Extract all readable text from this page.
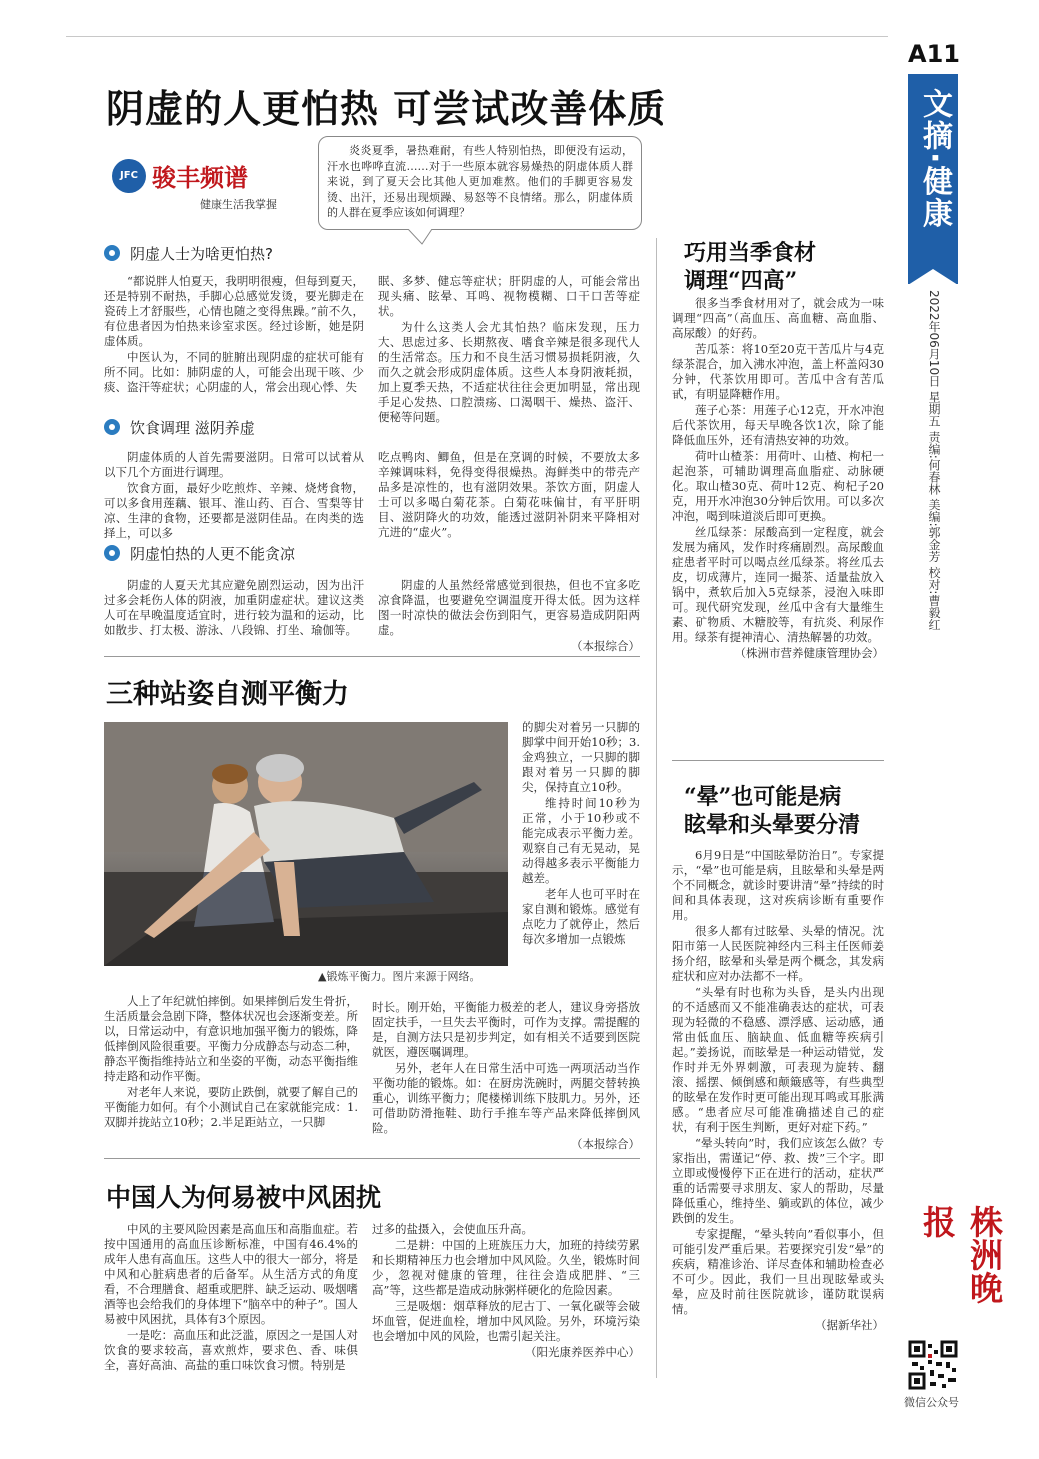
A11
文摘·健康
2022年06月10日 星期五 责编:何春林 美编:郭金芳 校对:曹毅红
株洲晚报
微信公众号
阴虚的人更怕热 可尝试改善体质
JFC 骏丰频谱
健康生活我掌握
炎炎夏季，暑热难耐，有些人特别怕热，即便没有运动，汗水也哗哗直流……对于一些原本就容易燥热的阴虚体质人群来说，到了夏天会比其他人更加难熬。他们的手脚更容易发烫、出汗，还易出现烦躁、易怒等不良情绪。那么，阴虚体质的人群在夏季应该如何调理？
阴虚人士为啥更怕热?

“都说胖人怕夏天，我明明很瘦，但每到夏天，还是特别不耐热，手脚心总感觉发烫，要光脚走在瓷砖上才舒服些，心情也随之变得焦躁。”前不久，有位患者因为怕热来诊室求医。经过诊断，她是阴虚体质。

中医认为，不同的脏腑出现阴虚的症状可能有所不同。比如：肺阴虚的人，可能会出现干咳、少痰、盗汗等症状；心阴虚的人，常会出现心悸、失

眠、多梦、健忘等症状；肝阴虚的人，可能会常出现头痛、眩晕、耳鸣、视物模糊、口干口苦等症状。

为什么这类人会尤其怕热？临床发现，压力大、思虑过多、长期熬夜、嗜食辛辣是很多现代人的生活常态。压力和不良生活习惯易损耗阴液，久而久之就会形成阴虚体质。这些人本身阴液耗损，加上夏季天热，不适症状往往会更加明显，常出现手足心发热、口腔溃疡、口渴咽干、燥热、盗汗、便秘等问题。

饮食调理 滋阴养虚

阴虚体质的人首先需要滋阴。日常可以试着从以下几个方面进行调理。

饮食方面，最好少吃煎炸、辛辣、烧烤食物，可以多食用莲藕、银耳、淮山药、百合、雪梨等甘凉、生津的食物，还要都是滋阴佳品。在肉类的选择上，可以多

吃点鸭肉、鲫鱼，但是在烹调的时候，不要放太多辛辣调味料，免得变得很燥热。海鲜类中的带壳产品多是凉性的，也有滋阴效果。茶饮方面，阴虚人士可以多喝白菊花茶。白菊花味偏甘，有平肝明目、滋阴降火的功效，能透过滋阴补阴来平降相对亢进的“虚火”。

阴虚怕热的人更不能贪凉

阴虚的人夏天尤其应避免剧烈运动，因为出汗过多会耗伤人体的阴液，加重阴虚症状。建议这类人可在早晚温度适宜时，进行较为温和的运动，比如散步、打太极、游泳、八段锦、打坐、瑜伽等。

阴虚的人虽然经常感觉到很热，但也不宜多吃凉食降温，也要避免空调温度开得太低。因为这样图一时凉快的做法会伤到阳气，更容易造成阴阳两虚。

（本报综合）
三种站姿自测平衡力
▲锻炼平衡力。图片来源于网络。

的脚尖对着另一只脚的脚掌中间开始10秒；3.金鸡独立，一只脚的脚跟对着另一只脚的脚尖，保持直立10秒。

维持时间10秒为正常，小于10秒或不能完成表示平衡力差。观察自己有无晃动，晃动得越多表示平衡能力越差。

老年人也可平时在家自测和锻炼。感觉有点吃力了就停止，然后每次多增加一点锻炼

人上了年纪就怕摔倒。如果摔倒后发生骨折，生活质量会急剧下降，整体状况也会逐渐变差。所以，日常运动中，有意识地加强平衡力的锻炼，降低摔倒风险很重要。平衡力分成静态与动态二种，静态平衡指维持站立和坐姿的平衡，动态平衡指维持走路和动作平衡。

对老年人来说，要防止跌倒，就要了解自己的平衡能力如何。有个小测试自己在家就能完成：1.双脚并拢站立10秒；2.半足距站立，一只脚

时长。刚开始，平衡能力极差的老人，建议身旁搭放固定扶手，一旦失去平衡时，可作为支撑。需提醒的是，自测方法只是初步判定，如有相关不适要到医院就医，遵医嘱调理。

另外，老年人在日常生活中可选一两项活动当作平衡功能的锻炼。如：在厨房洗碗时，两腿交替转换重心，训练平衡力；爬楼梯训练下肢肌力。另外，还可借助防滑拖鞋、助行手推车等产品来降低摔倒风险。

（本报综合）
中国人为何易被中风困扰

中风的主要风险因素是高血压和高脂血症。若按中国通用的高血压诊断标准，中国有46.4%的成年人患有高血压。这些人中的很大一部分，将是中风和心脏病患者的后备军。从生活方式的角度看，不合理膳食、超重或肥胖、缺乏运动、吸烟嗜酒等也会给我们的身体埋下“脑卒中的种子”。国人易被中风困扰，具体有3个原因。

一是吃：高血压和此泛滥，原因之一是国人对饮食的要求较高，喜欢煎炸，要求色、香、味俱全，喜好高油、高盐的重口味饮食习惯。特别是

过多的盐摄入，会使血压升高。

二是耕：中国的上班族压力大，加班的持续劳累和长期精神压力也会增加中风风险。久坐，锻炼时间少，忽视对健康的管理，往往会造成肥胖、“三高”等，这些都是造成动脉粥样硬化的危险因素。

三是吸烟：烟草释放的尼古丁、一氧化碳等会破坏血管，促进血栓，增加中风风险。另外，环境污染也会增加中风的风险，也需引起关注。

（阳光康养医养中心）
巧用当季食材
调理“四高”

很多当季食材用对了，就会成为一味调理“四高”（高血压、高血糖、高血脂、高尿酸）的好药。

苦瓜茶：将10至20克干苦瓜片与4克绿茶混合，加入沸水冲泡，盖上杯盖闷30分钟，代茶饮用即可。苦瓜中含有苦瓜甙，有明显降糖作用。

莲子心茶：用莲子心12克，开水冲泡后代茶饮用，每天早晚各饮1次，除了能降低血压外，还有清热安神的功效。

荷叶山楂茶：用荷叶、山楂、枸杞一起泡茶，可辅助调理高血脂症、动脉硬化。取山楂30克、荷叶12克、枸杞子20克，用开水冲泡30分钟后饮用。可以多次冲泡，喝到味道淡后即可更换。

丝瓜绿茶：尿酸高到一定程度，就会发展为痛风，发作时疼痛剧烈。高尿酸血症患者平时可以喝点丝瓜绿茶。将丝瓜去皮，切成薄片，连同一撮茶、适量盐放入锅中，煮软后加入5克绿茶，浸泡入味即可。现代研究发现，丝瓜中含有大量维生素、矿物质、木糖胶等，有抗炎、利尿作用。绿茶有提神清心、清热解暑的功效。

（株洲市营养健康管理协会）
“晕”也可能是病
眩晕和头晕要分清

6月9日是“中国眩晕防治日”。专家提示，“晕”也可能是病，且眩晕和头晕是两个不同概念，就诊时要讲清“晕”持续的时间和具体表现，这对疾病诊断有重要作用。

很多人都有过眩晕、头晕的情况。沈阳市第一人民医院神经内三科主任医师姜扬介绍，眩晕和头晕是两个概念，其发病症状和应对办法都不一样。

“头晕有时也称为头昏，是头内出现的不适感而又不能准确表达的症状，可表现为轻微的不稳感、漂浮感、运动感，通常由低血压、脑缺血、低血糖等疾病引起。”姜扬说，而眩晕是一种运动错觉，发作时并无外界刺激，可表现为旋转、翻滚、摇摆、倾倒感和颠簸感等，有些典型的眩晕在发作时更可能出现耳鸣或耳胀满感。“患者应尽可能准确描述自己的症状，有利于医生判断，更好对症下药。”

“晕头转向”时，我们应该怎么做？专家指出，需谨记“停、救、拨”三个字。即立即或慢慢停下正在进行的活动，症状严重的话需要寻求朋友、家人的帮助，尽量降低重心，维持坐、躺或趴的体位，减少跌倒的发生。

专家提醒，“晕头转向”看似事小，但可能引发严重后果。若要探究引发“晕”的疾病，精准诊治、详尽查体和辅助检查必不可少。因此，我们一旦出现眩晕或头晕，应及时前往医院就诊，谨防耽误病情。

（据新华社）
